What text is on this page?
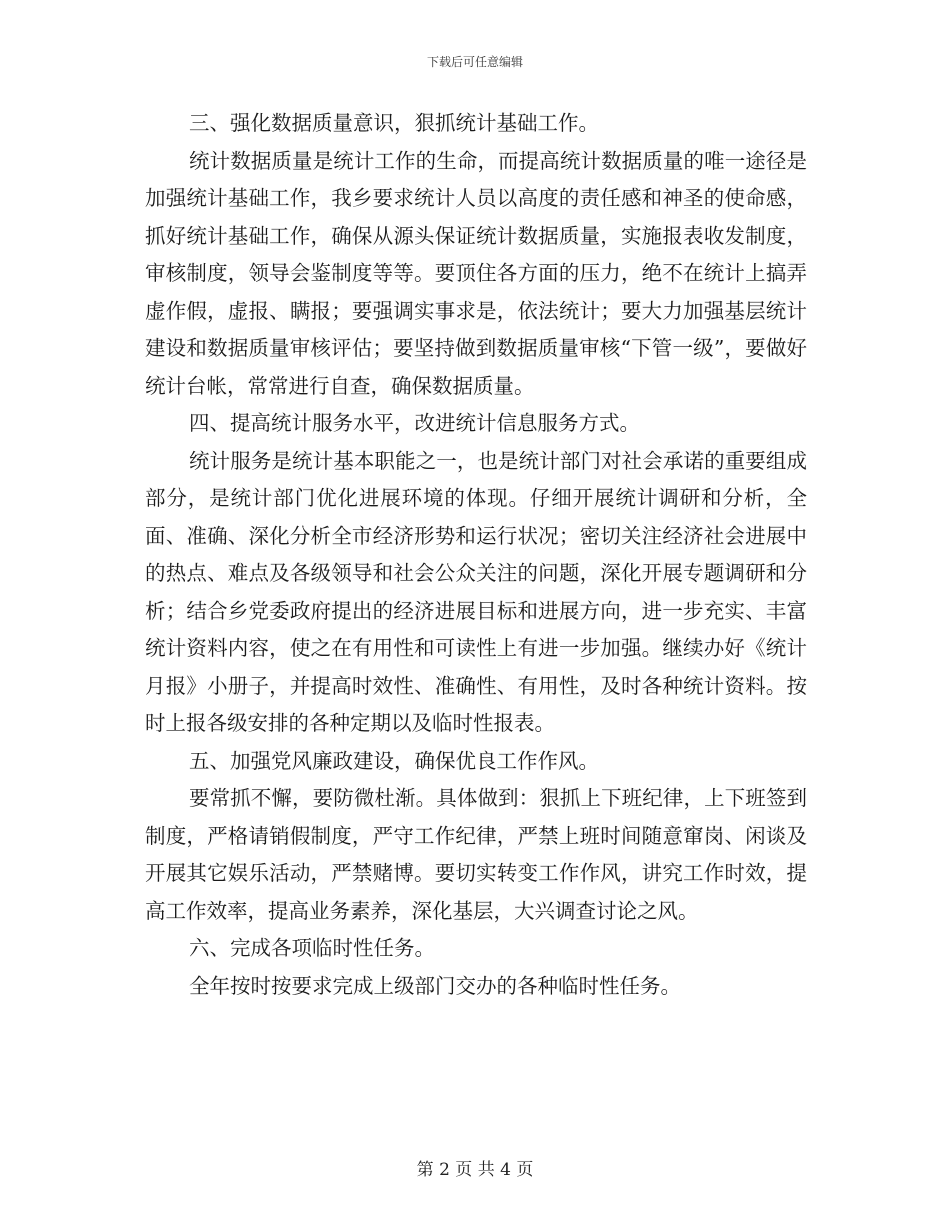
下载后可任意编辑

三、强化数据质量意识，狠抓统计基础工作。

统计数据质量是统计工作的生命，而提高统计数据质量的唯一途径是加强统计基础工作，我乡要求统计人员以高度的责任感和神圣的使命感，抓好统计基础工作，确保从源头保证统计数据质量，实施报表收发制度，审核制度，领导会鉴制度等等。要顶住各方面的压力，绝不在统计上搞弄虚作假，虚报、瞒报；要强调实事求是，依法统计；要大力加强基层统计建设和数据质量审核评估；要坚持做到数据质量审核“下管一级”，要做好统计台帐，常常进行自查，确保数据质量。

四、提高统计服务水平，改进统计信息服务方式。

统计服务是统计基本职能之一，也是统计部门对社会承诺的重要组成部分，是统计部门优化进展环境的体现。仔细开展统计调研和分析，全面、准确、深化分析全市经济形势和运行状况；密切关注经济社会进展中的热点、难点及各级领导和社会公众关注的问题，深化开展专题调研和分析；结合乡党委政府提出的经济进展目标和进展方向，进一步充实、丰富统计资料内容，使之在有用性和可读性上有进一步加强。继续办好《统计月报》小册子，并提高时效性、准确性、有用性，及时各种统计资料。按时上报各级安排的各种定期以及临时性报表。

五、加强党风廉政建设，确保优良工作作风。

要常抓不懈，要防微杜渐。具体做到：狠抓上下班纪律，上下班签到制度，严格请销假制度，严守工作纪律，严禁上班时间随意窜岗、闲谈及开展其它娱乐活动，严禁赌博。要切实转变工作作风，讲究工作时效，提高工作效率，提高业务素养，深化基层，大兴调查讨论之风。

六、完成各项临时性任务。

全年按时按要求完成上级部门交办的各种临时性任务。

第 2 页 共 4 页
